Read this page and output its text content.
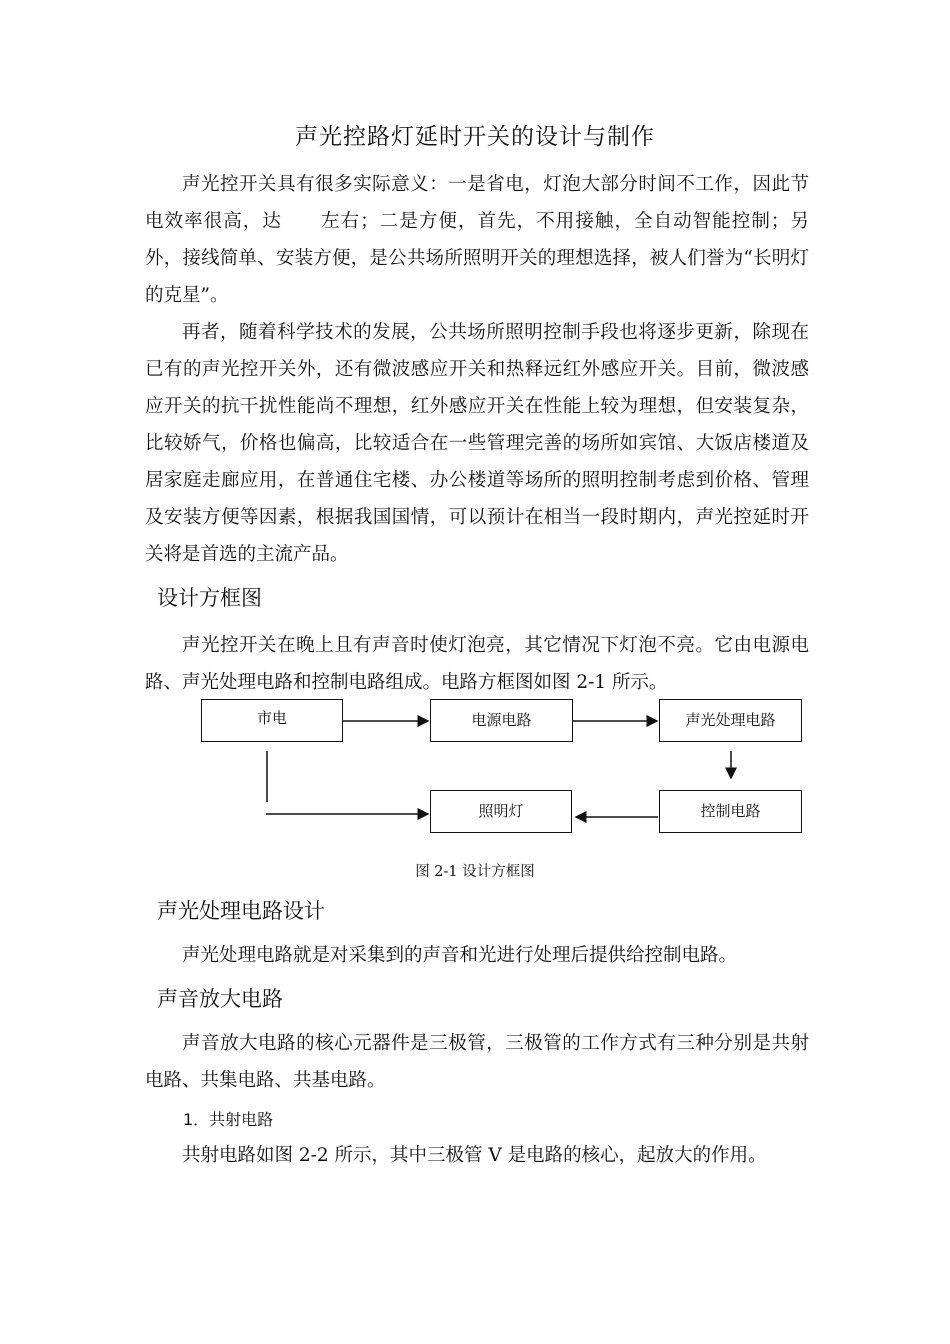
声光控路灯延时开关的设计与制作

声光控开关具有很多实际意义：一是省电，灯泡大部分时间不工作，因此节电效率很高，达　　左右；二是方便，首先，不用接触，全自动智能控制；另外，接线简单、安装方便，是公共场所照明开关的理想选择，被人们誉为“长明灯的克星”。

再者，随着科学技术的发展，公共场所照明控制手段也将逐步更新，除现在已有的声光控开关外，还有微波感应开关和热释远红外感应开关。目前，微波感应开关的抗干扰性能尚不理想，红外感应开关在性能上较为理想，但安装复杂，比较娇气，价格也偏高，比较适合在一些管理完善的场所如宾馆、大饭店楼道及居家庭走廊应用，在普通住宅楼、办公楼道等场所的照明控制考虑到价格、管理及安装方便等因素，根据我国国情，可以预计在相当一段时期内，声光控延时开关将是首选的主流产品。

设计方框图

声光控开关在晚上且有声音时使灯泡亮，其它情况下灯泡不亮。它由电源电路、声光处理电路和控制电路组成。电路方框图如图 2-1 所示。

市电	电源电路	声光处理电路
照明灯	控制电路
图 2-1 设计方框图
声光处理电路设计

声光处理电路就是对采集到的声音和光进行处理后提供给控制电路。

声音放大电路

声音放大电路的核心元器件是三极管，三极管的工作方式有三种分别是共射电路、共集电路、共基电路。

1．共射电路

共射电路如图 2-2 所示，其中三极管 V 是电路的核心，起放大的作用。
